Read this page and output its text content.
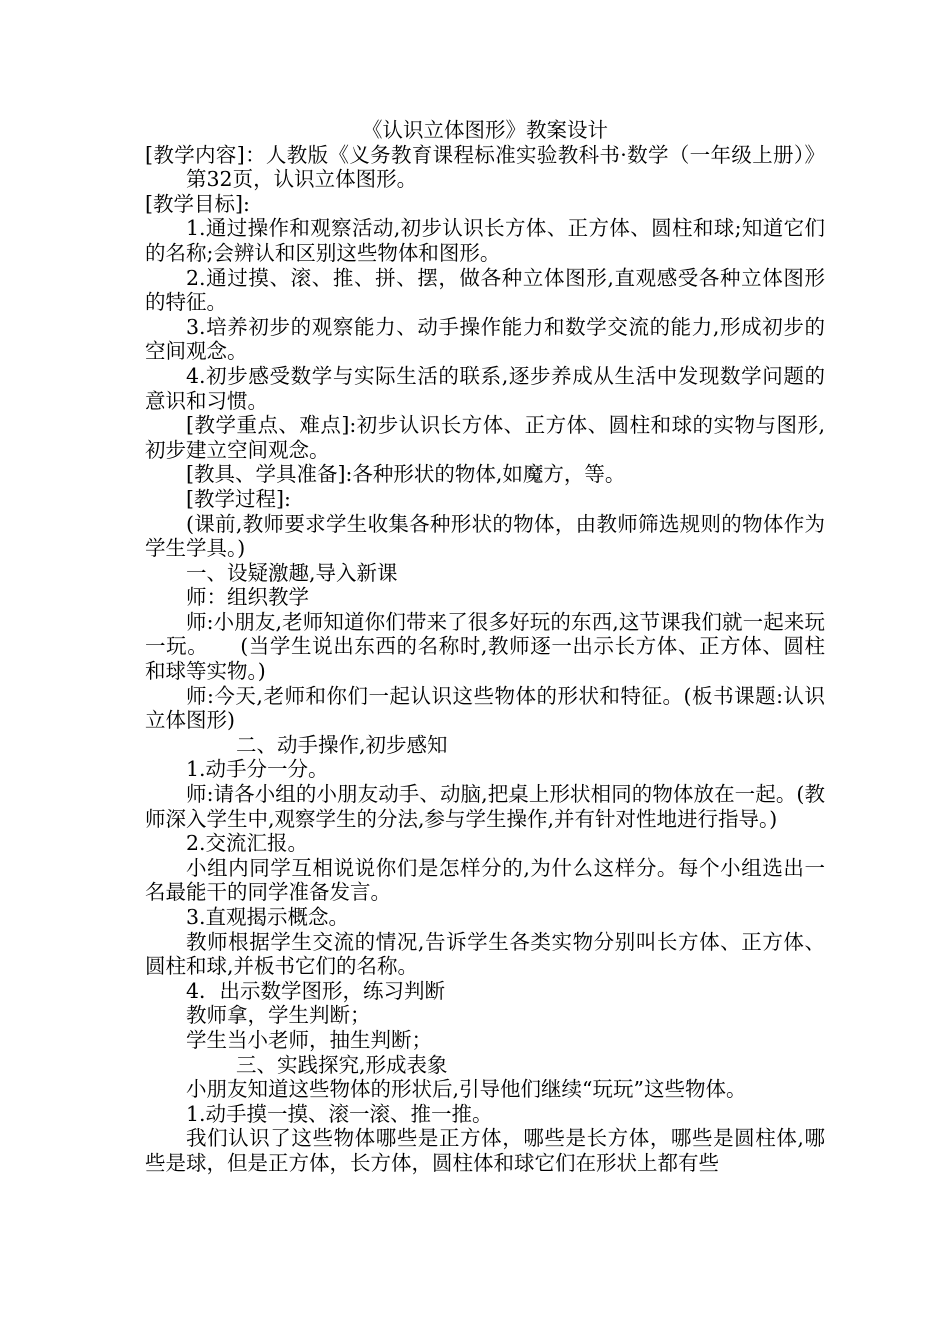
《认识立体图形》教案设计

[教学内容]：人教版《义务教育课程标准实验教科书·数学（一年级上册）》第32页，认识立体图形。

[教学目标]:

1.通过操作和观察活动,初步认识长方体、正方体、圆柱和球;知道它们的名称;会辨认和区别这些物体和图形。

2.通过摸、滚、推、拼、摆，做各种立体图形,直观感受各种立体图形的特征。

3.培养初步的观察能力、动手操作能力和数学交流的能力,形成初步的空间观念。

4.初步感受数学与实际生活的联系,逐步养成从生活中发现数学问题的意识和习惯。

[教学重点、难点]:初步认识长方体、正方体、圆柱和球的实物与图形,初步建立空间观念。

[教具、学具准备]:各种形状的物体,如魔方，等。

[教学过程]:

(课前,教师要求学生收集各种形状的物体，由教师筛选规则的物体作为学生学具。)

一、设疑激趣,导入新课

师：组织教学

师:小朋友,老师知道你们带来了很多好玩的东西,这节课我们就一起来玩一玩。　　(当学生说出东西的名称时,教师逐一出示长方体、正方体、圆柱和球等实物。)

师:今天,老师和你们一起认识这些物体的形状和特征。(板书课题:认识立体图形)

二、动手操作,初步感知

1.动手分一分。

师:请各小组的小朋友动手、动脑,把桌上形状相同的物体放在一起。(教师深入学生中,观察学生的分法,参与学生操作,并有针对性地进行指导。)

2.交流汇报。

小组内同学互相说说你们是怎样分的,为什么这样分。每个小组选出一名最能干的同学准备发言。

3.直观揭示概念。

教师根据学生交流的情况,告诉学生各类实物分别叫长方体、正方体、圆柱和球,并板书它们的名称。

4．出示数学图形，练习判断

教师拿，学生判断；

学生当小老师，抽生判断；

三、实践探究,形成表象

小朋友知道这些物体的形状后,引导他们继续“玩玩”这些物体。

1.动手摸一摸、滚一滚、推一推。

我们认识了这些物体哪些是正方体，哪些是长方体，哪些是圆柱体,哪些是球，但是正方体，长方体，圆柱体和球它们在形状上都有些
